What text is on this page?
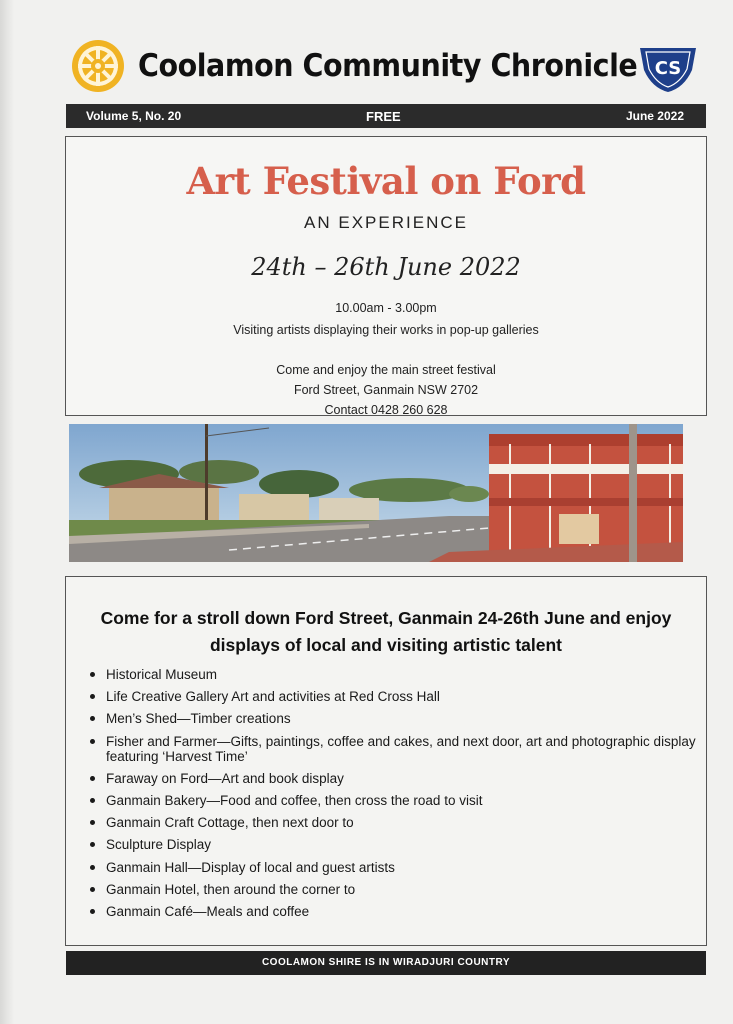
Coolamon Community Chronicle CS
Volume 5, No. 20	FREE	June 2022
Art Festival on Ford
AN EXPERIENCE
24th – 26th June 2022
10.00am - 3.00pm
Visiting artists displaying their works in pop-up galleries
Come and enjoy the main street festival
Ford Street, Ganmain NSW 2702
Contact 0428 260 628
Come for a stroll down Ford Street, Ganmain 24-26th June and enjoy displays of local and visiting artistic talent
Historical Museum
Life Creative Gallery Art and activities at Red Cross Hall
Men’s Shed—Timber creations
Fisher and Farmer—Gifts, paintings, coffee and cakes, and next door, art and photographic display featuring ‘Harvest Time’
Faraway on Ford—Art and book display
Ganmain Bakery—Food and coffee, then cross the road to visit
Ganmain Craft Cottage, then next door to
Sculpture Display
Ganmain Hall—Display of local and guest artists
Ganmain Hotel, then around the corner to
Ganmain Café—Meals and coffee
COOLAMON SHIRE IS IN WIRADJURI COUNTRY
